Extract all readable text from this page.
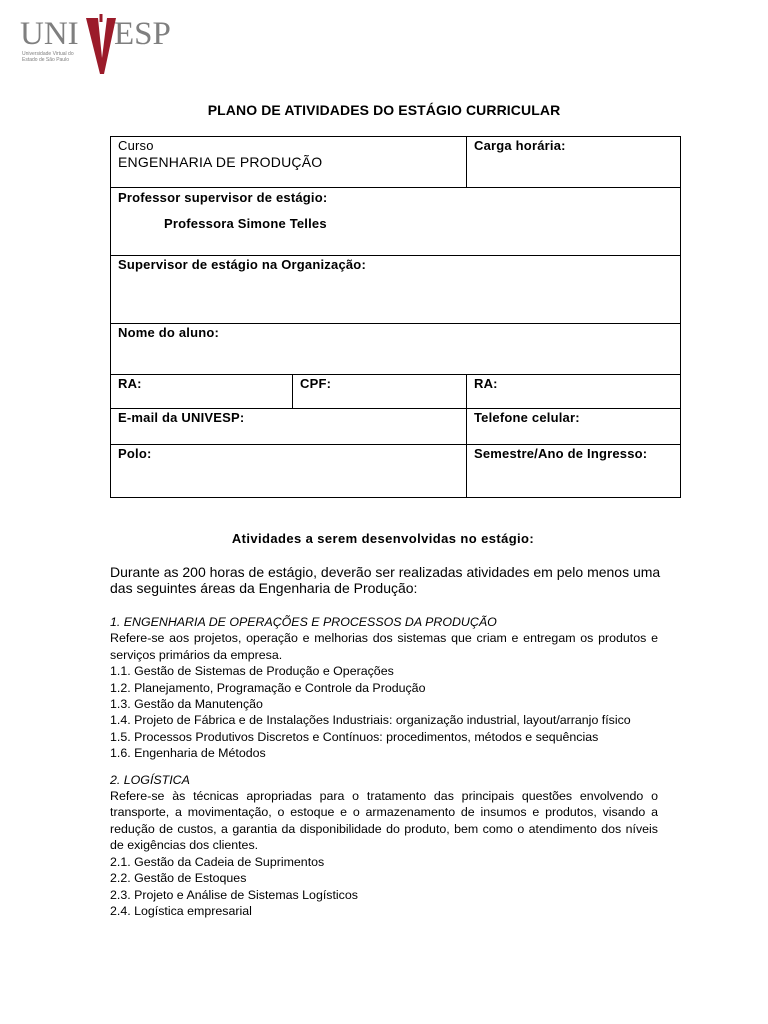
UNI ESP
Universidade Virtual do Estado de São Paulo
PLANO DE ATIVIDADES DO ESTÁGIO CURRICULAR
Curso
ENGENHARIA DE PRODUÇÃO		Carga horária:

Professor supervisor de estágio:
Professora Simone Telles		

Supervisor de estágio na Organização:		
Nome do aluno:		
RA:	CPF:	RA:
E-mail da UNIVESP:		Telefone celular:
Polo:		Semestre/Ano de Ingresso:
Atividades a serem desenvolvidas no estágio:
Durante as 200 horas de estágio, deverão ser realizadas atividades em pelo menos uma das seguintes áreas da Engenharia de Produção:

1. ENGENHARIA DE OPERAÇÕES E PROCESSOS DA PRODUÇÃO

Refere-se aos projetos, operação e melhorias dos sistemas que criam e entregam os produtos e serviços primários da empresa.

1.1. Gestão de Sistemas de Produção e Operações

1.2. Planejamento, Programação e Controle da Produção

1.3. Gestão da Manutenção

1.4. Projeto de Fábrica e de Instalações Industriais: organização industrial, layout/arranjo físico

1.5. Processos Produtivos Discretos e Contínuos: procedimentos, métodos e sequências

1.6. Engenharia de Métodos

2. LOGÍSTICA

Refere-se às técnicas apropriadas para o tratamento das principais questões envolvendo o transporte, a movimentação, o estoque e o armazenamento de insumos e produtos, visando a redução de custos, a garantia da disponibilidade do produto, bem como o atendimento dos níveis de exigências dos clientes.

2.1. Gestão da Cadeia de Suprimentos

2.2. Gestão de Estoques

2.3. Projeto e Análise de Sistemas Logísticos

2.4. Logística empresarial
